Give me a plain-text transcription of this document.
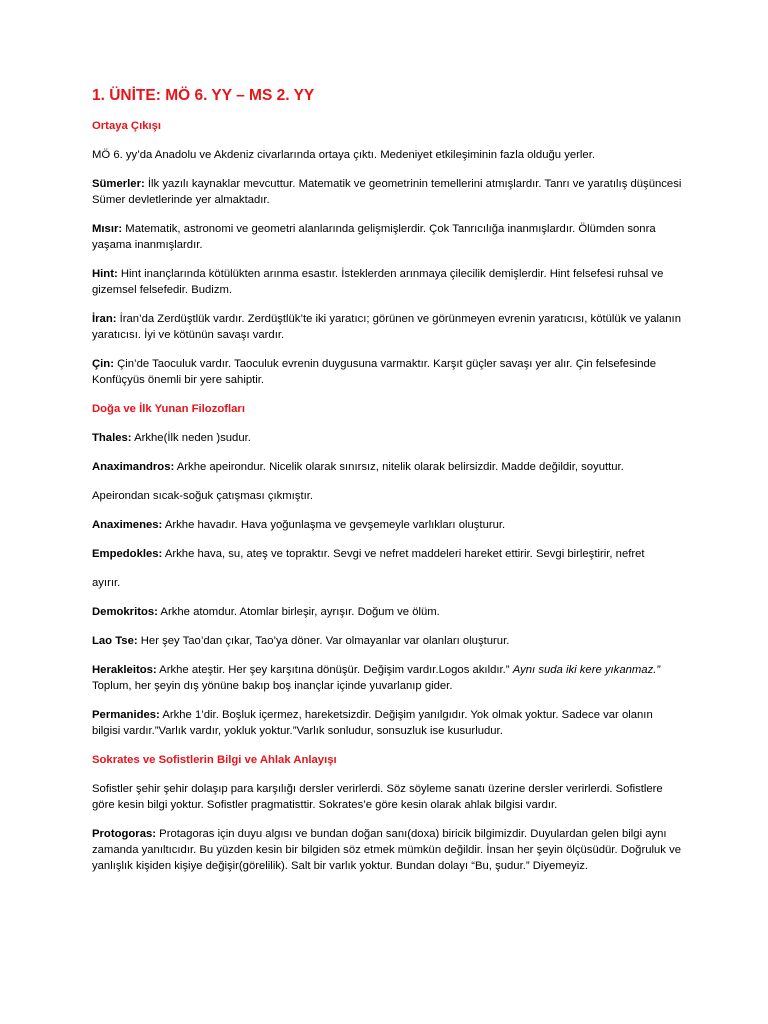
1. ÜNİTE: MÖ 6. YY – MS 2. YY
Ortaya Çıkışı

MÖ 6. yy’da Anadolu ve Akdeniz civarlarında ortaya çıktı. Medeniyet etkileşiminin fazla olduğu yerler.

Sümerler: İlk yazılı kaynaklar mevcuttur. Matematik ve geometrinin temellerini atmışlardır. Tanrı ve yaratılış düşüncesi Sümer devletlerinde yer almaktadır.

Mısır: Matematik, astronomi ve geometri alanlarında gelişmişlerdir. Çok Tanrıcılığa inanmışlardır. Ölümden sonra yaşama inanmışlardır.

Hint: Hint inançlarında kötülükten arınma esastır. İsteklerden arınmaya çilecilik demişlerdir. Hint felsefesi ruhsal ve gizemsel felsefedir. Budizm.

İran: İran’da Zerdüştlük vardır. Zerdüştlük’te iki yaratıcı; görünen ve görünmeyen evrenin yaratıcısı, kötülük ve yalanın yaratıcısı. İyi ve kötünün savaşı vardır.

Çin: Çin’de Taoculuk vardır. Taoculuk evrenin duygusuna varmaktır. Karşıt güçler savaşı yer alır. Çin felsefesinde Konfüçyüs önemli bir yere sahiptir.

Doğa ve İlk Yunan Filozofları

Thales: Arkhe(İlk neden )sudur.

Anaximandros: Arkhe apeirondur. Nicelik olarak sınırsız, nitelik olarak belirsizdir. Madde değildir, soyuttur.

Apeirondan sıcak-soğuk çatışması çıkmıştır.

Anaximenes: Arkhe havadır. Hava yoğunlaşma ve gevşemeyle varlıkları oluşturur.

Empedokles: Arkhe hava, su, ateş ve topraktır. Sevgi ve nefret maddeleri hareket ettirir. Sevgi birleştirir, nefret

ayırır.

Demokritos: Arkhe atomdur. Atomlar birleşir, ayrışır. Doğum ve ölüm.

Lao Tse: Her şey Tao’dan çıkar, Tao’ya döner. Var olmayanlar var olanları oluşturur.

Herakleitos: Arkhe ateştir. Her şey karşıtına dönüşür. Değişim vardır.Logos akıldır.” Aynı suda iki kere yıkanmaz.” Toplum, her şeyin dış yönüne bakıp boş inançlar içinde yuvarlanıp gider.

Permanides: Arkhe 1’dir. Boşluk içermez, hareketsizdir. Değişim yanılgıdır. Yok olmak yoktur. Sadece var olanın bilgisi vardır.”Varlık vardır, yokluk yoktur.”Varlık sonludur, sonsuzluk ise kusurludur.

Sokrates ve Sofistlerin Bilgi ve Ahlak Anlayışı

Sofistler şehir şehir dolaşıp para karşılığı dersler verirlerdi. Söz söyleme sanatı üzerine dersler verirlerdi. Sofistlere göre kesin bilgi yoktur. Sofistler pragmatisttir. Sokrates’e göre kesin olarak ahlak bilgisi vardır.

Protogoras: Protagoras için duyu algısı ve bundan doğan sanı(doxa) biricik bilgimizdir. Duyulardan gelen bilgi aynı zamanda yanıltıcıdır. Bu yüzden kesin bir bilgiden söz etmek mümkün değildir. İnsan her şeyin ölçüsüdür. Doğruluk ve yanlışlık kişiden kişiye değişir(görelilik). Salt bir varlık yoktur. Bundan dolayı “Bu, şudur.” Diyemeyiz.
